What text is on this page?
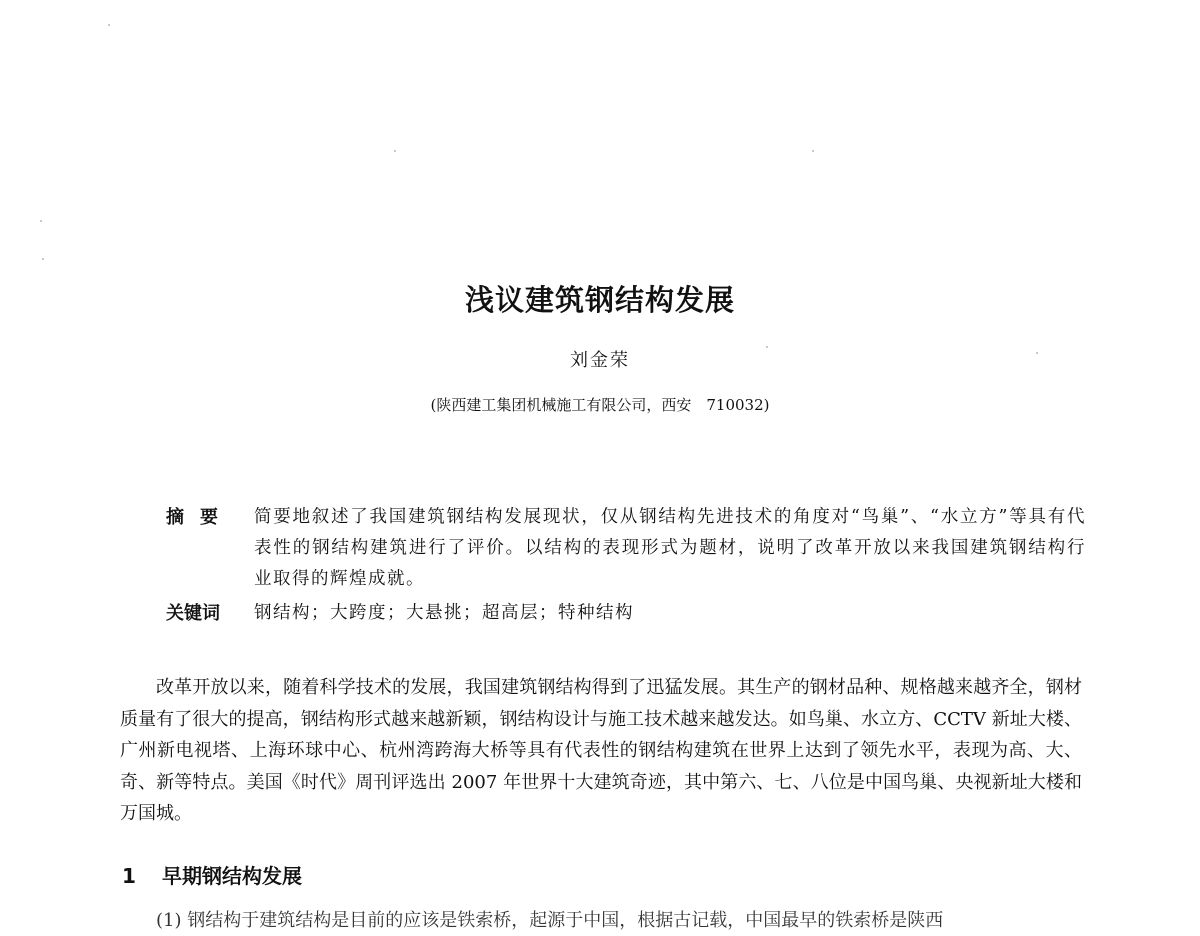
浅议建筑钢结构发展
刘金荣
(陕西建工集团机械施工有限公司，西安　710032)
摘要	简要地叙述了我国建筑钢结构发展现状，仅从钢结构先进技术的角度对“鸟巢”、“水立方”等具有代表性的钢结构建筑进行了评价。以结构的表现形式为题材，说明了改革开放以来我国建筑钢结构行业取得的辉煌成就。
关键词	钢结构；大跨度；大悬挑；超高层；特种结构
改革开放以来，随着科学技术的发展，我国建筑钢结构得到了迅猛发展。其生产的钢材品种、规格越来越齐全，钢材质量有了很大的提高，钢结构形式越来越新颖，钢结构设计与施工技术越来越发达。如鸟巢、水立方、CCTV 新址大楼、广州新电视塔、上海环球中心、杭州湾跨海大桥等具有代表性的钢结构建筑在世界上达到了领先水平，表现为高、大、奇、新等特点。美国《时代》周刊评选出 2007 年世界十大建筑奇迹，其中第六、七、八位是中国鸟巢、央视新址大楼和万国城。
1 早期钢结构发展
(1) 钢结构于建筑结构是目前的应该是铁索桥，起源于中国，根据古记载，中国最早的铁索桥是陕西
